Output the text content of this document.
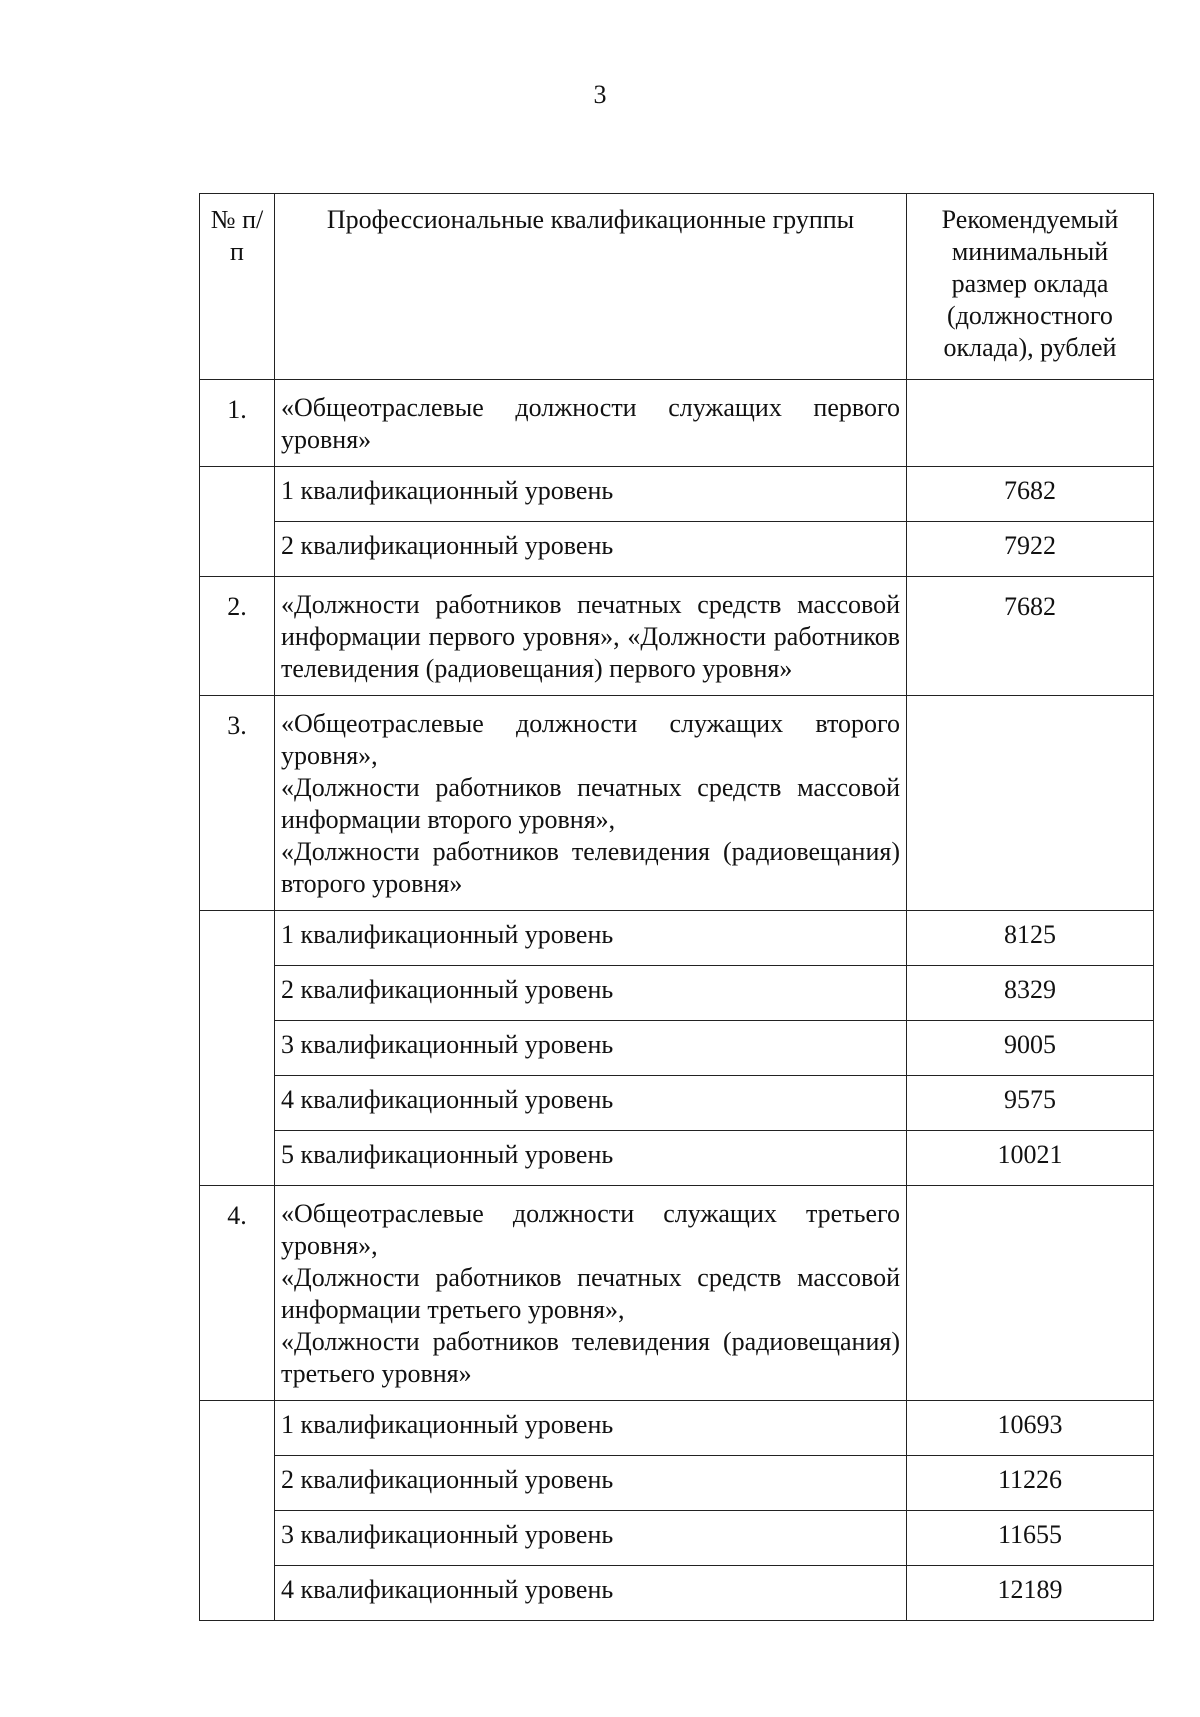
3
№ п/п	Профессиональные квалификационные группы	Рекомендуемый минимальный размер оклада (должностного оклада), рублей
1.	«Общеотраслевые должности служащих первого уровня»	

	1 квалификационный уровень	7682
	2 квалификационный уровень	7922
2.	«Должности работников печатных средств массовой информации первого уровня», «Должности работников телевидения (радиовещания) первого уровня»	7682
3.	«Общеотраслевые должности служащих второго уровня»,
«Должности работников печатных средств массовой информации второго уровня»,
«Должности работников телевидения (радиовещания) второго уровня»	

	1 квалификационный уровень	8125
	2 квалификационный уровень	8329
	3 квалификационный уровень	9005
	4 квалификационный уровень	9575
	5 квалификационный уровень	10021
4.	«Общеотраслевые должности служащих третьего уровня»,
«Должности работников печатных средств массовой информации третьего уровня»,
«Должности работников телевидения (радиовещания) третьего уровня»	

	1 квалификационный уровень	10693
	2 квалификационный уровень	11226
	3 квалификационный уровень	11655
	4 квалификационный уровень	12189
